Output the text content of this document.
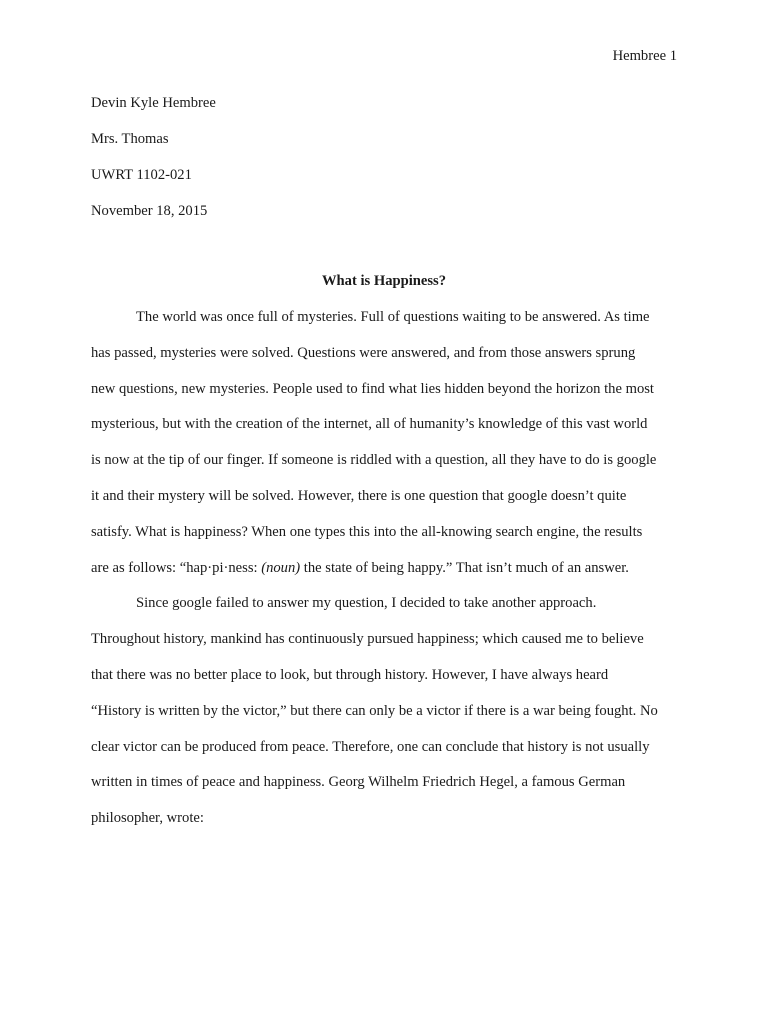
Hembree 1
Devin Kyle Hembree
Mrs. Thomas
UWRT 1102-021
November 18, 2015
What is Happiness?
The world was once full of mysteries. Full of questions waiting to be answered. As time
has passed, mysteries were solved. Questions were answered, and from those answers sprung
new questions, new mysteries. People used to find what lies hidden beyond the horizon the most
mysterious, but with the creation of the internet, all of humanity’s knowledge of this vast world
is now at the tip of our finger. If someone is riddled with a question, all they have to do is google
it and their mystery will be solved. However, there is one question that google doesn’t quite
satisfy. What is happiness? When one types this into the all-knowing search engine, the results
are as follows: “hap·pi·ness: (noun) the state of being happy.” That isn’t much of an answer.
Since google failed to answer my question, I decided to take another approach.
Throughout history, mankind has continuously pursued happiness; which caused me to believe
that there was no better place to look, but through history. However, I have always heard
“History is written by the victor,” but there can only be a victor if there is a war being fought. No
clear victor can be produced from peace. Therefore, one can conclude that history is not usually
written in times of peace and happiness. Georg Wilhelm Friedrich Hegel, a famous German
philosopher, wrote:
